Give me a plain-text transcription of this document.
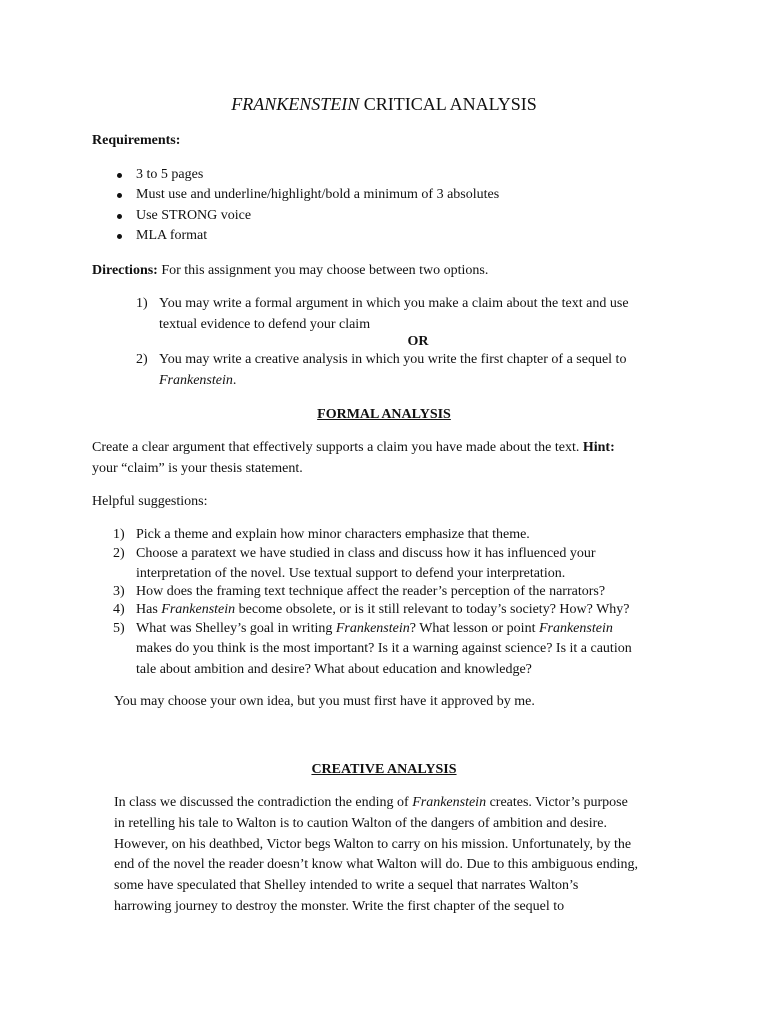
FRANKENSTEIN CRITICAL ANALYSIS
Requirements:
3 to 5 pages
Must use and underline/highlight/bold a minimum of 3 absolutes
Use STRONG voice
MLA format
Directions: For this assignment you may choose between two options.
1) You may write a formal argument in which you make a claim about the text and use
textual evidence to defend your claim
OR
2) You may write a creative analysis in which you write the first chapter of a sequel to
Frankenstein.
FORMAL ANALYSIS
Create a clear argument that effectively supports a claim you have made about the text. Hint:
your “claim” is your thesis statement.
Helpful suggestions:
1) Pick a theme and explain how minor characters emphasize that theme.
2) Choose a paratext we have studied in class and discuss how it has influenced your
interpretation of the novel. Use textual support to defend your interpretation.
3) How does the framing text technique affect the reader’s perception of the narrators?
4) Has Frankenstein become obsolete, or is it still relevant to today’s society? How? Why?
5) What was Shelley’s goal in writing Frankenstein? What lesson or point Frankenstein
makes do you think is the most important? Is it a warning against science? Is it a caution
tale about ambition and desire? What about education and knowledge?
You may choose your own idea, but you must first have it approved by me.
CREATIVE ANALYSIS
In class we discussed the contradiction the ending of Frankenstein creates. Victor’s purpose
in retelling his tale to Walton is to caution Walton of the dangers of ambition and desire.
However, on his deathbed, Victor begs Walton to carry on his mission. Unfortunately, by the
end of the novel the reader doesn’t know what Walton will do. Due to this ambiguous ending,
some have speculated that Shelley intended to write a sequel that narrates Walton’s
harrowing journey to destroy the monster. Write the first chapter of the sequel to
